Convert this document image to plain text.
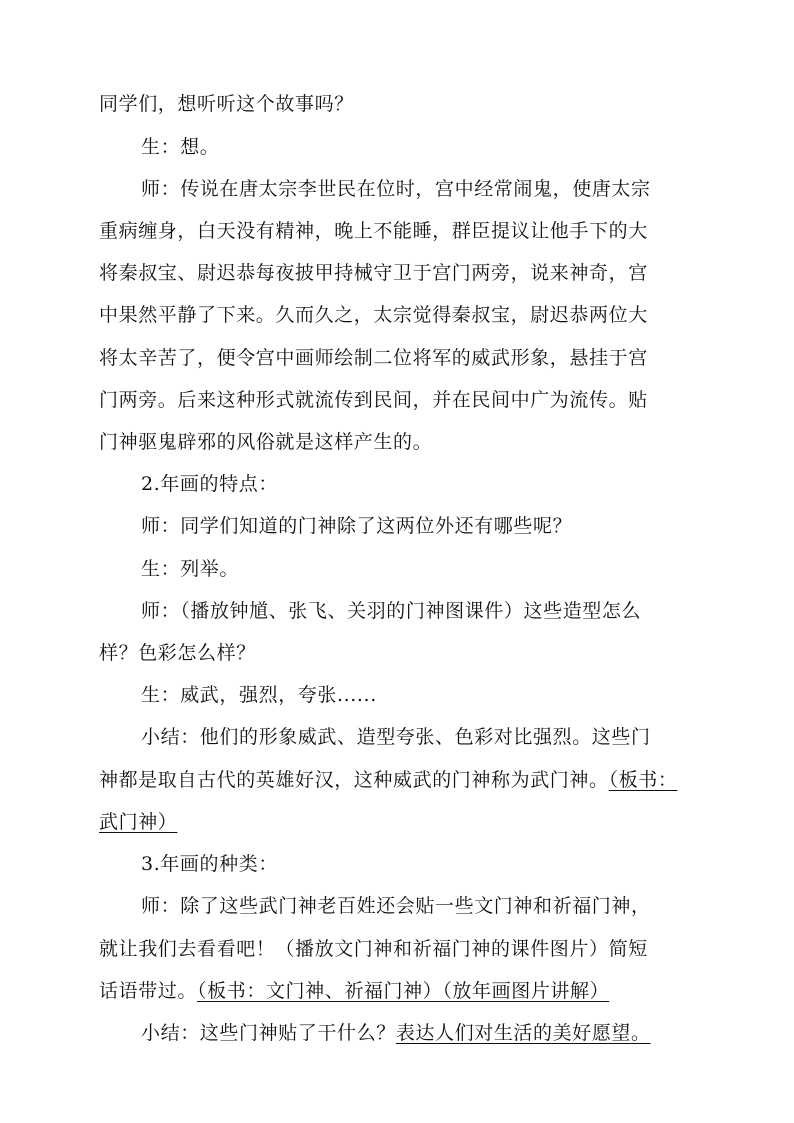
同学们，想听听这个故事吗？
生：想。
师：传说在唐太宗李世民在位时，宫中经常闹鬼，使唐太宗
重病缠身，白天没有精神，晚上不能睡，群臣提议让他手下的大
将秦叔宝、尉迟恭每夜披甲持械守卫于宫门两旁，说来神奇，宫
中果然平静了下来。久而久之，太宗觉得秦叔宝，尉迟恭两位大
将太辛苦了，便令宫中画师绘制二位将军的威武形象，悬挂于宫
门两旁。后来这种形式就流传到民间，并在民间中广为流传。贴
门神驱鬼辟邪的风俗就是这样产生的。
2.年画的特点：
师：同学们知道的门神除了这两位外还有哪些呢？
生：列举。
师：（播放钟馗、张飞、关羽的门神图课件）这些造型怎么
样？色彩怎么样？
生：威武，强烈，夸张......
小结：他们的形象威武、造型夸张、色彩对比强烈。这些门
神都是取自古代的英雄好汉，这种威武的门神称为武门神。（板书：
武门神）
3.年画的种类：
师：除了这些武门神老百姓还会贴一些文门神和祈福门神，
就让我们去看看吧！（播放文门神和祈福门神的课件图片）简短
话语带过。（板书：文门神、祈福门神）（放年画图片讲解）
小结：这些门神贴了干什么？表达人们对生活的美好愿望。
